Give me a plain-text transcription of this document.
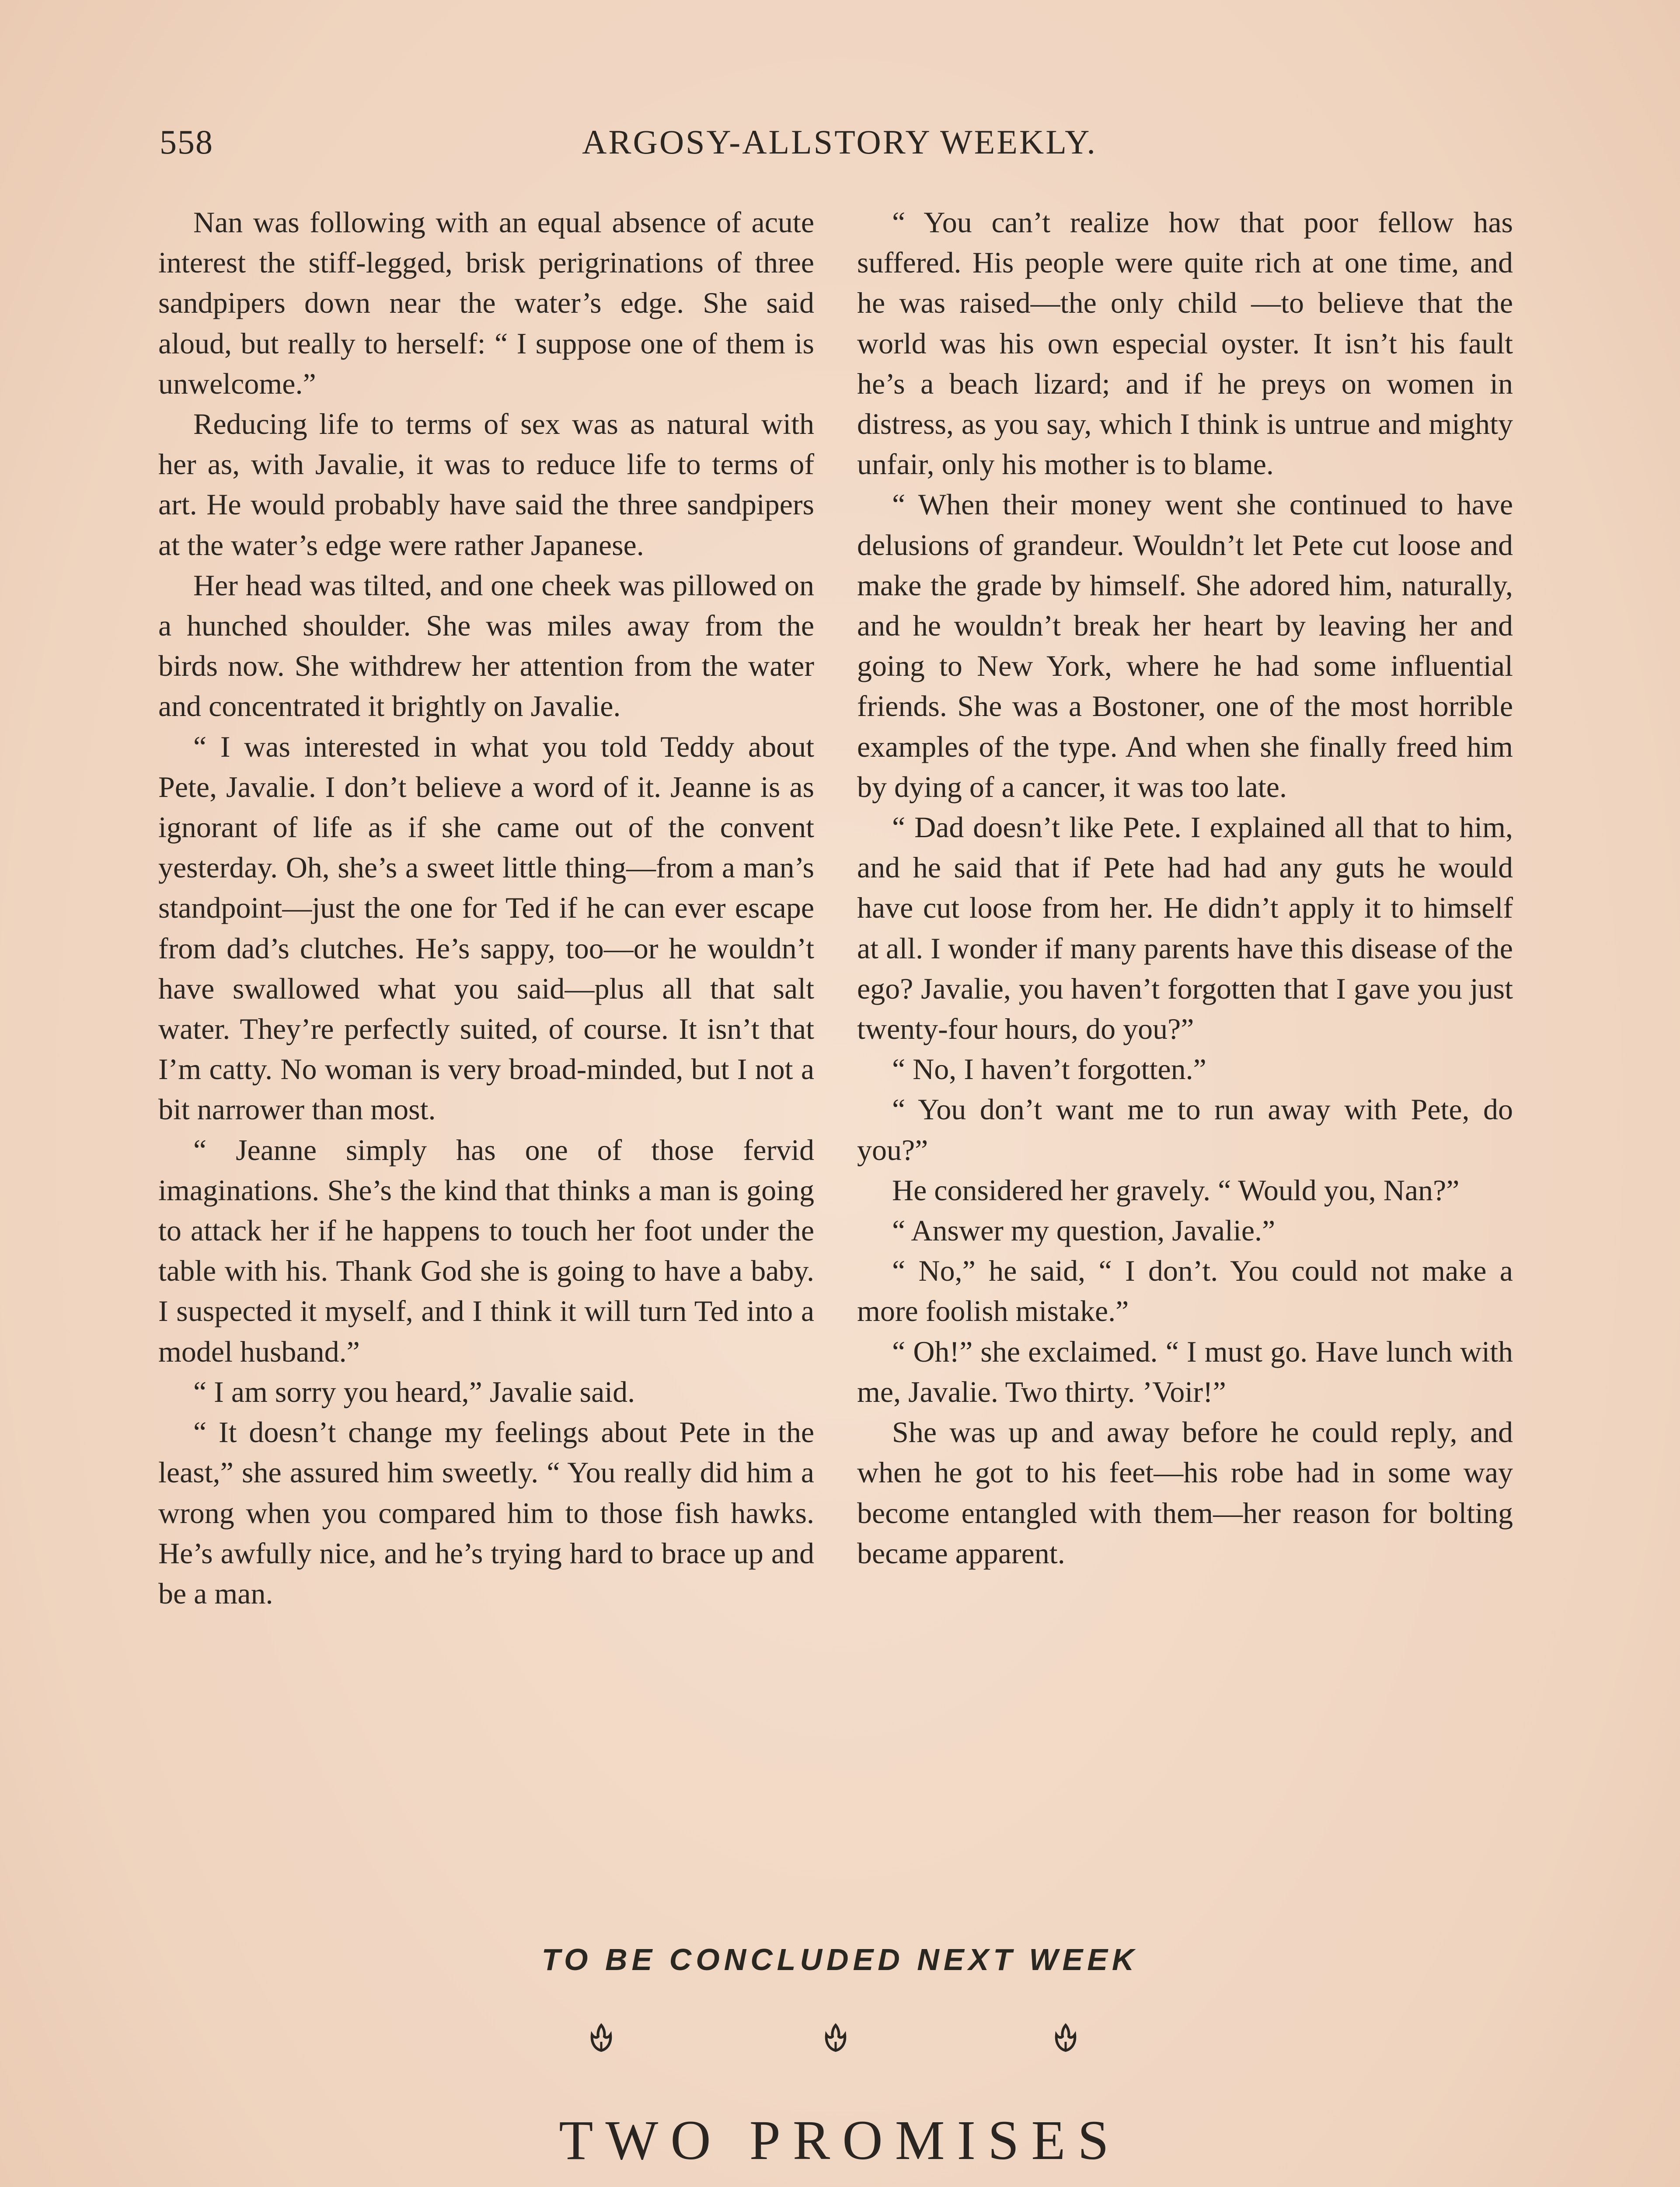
558	ARGOSY-ALLSTORY WEEKLY.

Nan was following with an equal absence of acute interest the stiff-legged, brisk perigrinations of three sandpipers down near the water’s edge. She said aloud, but really to herself: “ I suppose one of them is unwelcome.”

Reducing life to terms of sex was as natural with her as, with Javalie, it was to reduce life to terms of art. He would probably have said the three sandpipers at the water’s edge were rather Japanese.

Her head was tilted, and one cheek was pillowed on a hunched shoulder. She was miles away from the birds now. She withdrew her attention from the water and concentrated it brightly on Javalie.

“ I was interested in what you told Teddy about Pete, Javalie. I don’t believe a word of it. Jeanne is as ignorant of life as if she came out of the convent yesterday. Oh, she’s a sweet little thing—from a man’s standpoint—just the one for Ted if he can ever escape from dad’s clutches. He’s sappy, too—or he wouldn’t have swallowed what you said—plus all that salt water. They’re perfectly suited, of course. It isn’t that I’m catty. No woman is very broad-minded, but I not a bit narrower than most.

“ Jeanne simply has one of those fervid imaginations. She’s the kind that thinks a man is going to attack her if he happens to touch her foot under the table with his. Thank God she is going to have a baby. I suspected it myself, and I think it will turn Ted into a model husband.”

“ I am sorry you heard,” Javalie said.

“ It doesn’t change my feelings about Pete in the least,” she assured him sweetly. “ You really did him a wrong when you compared him to those fish hawks. He’s awfully nice, and he’s trying hard to brace up and be a man.

“ You can’t realize how that poor fellow has suffered. His people were quite rich at one time, and he was raised—the only child —to believe that the world was his own especial oyster. It isn’t his fault he’s a beach lizard; and if he preys on women in distress, as you say, which I think is untrue and mighty unfair, only his mother is to blame.

“ When their money went she continued to have delusions of grandeur. Wouldn’t let Pete cut loose and make the grade by himself. She adored him, naturally, and he wouldn’t break her heart by leaving her and going to New York, where he had some influential friends. She was a Bostoner, one of the most horrible examples of the type. And when she finally freed him by dying of a cancer, it was too late.

“ Dad doesn’t like Pete. I explained all that to him, and he said that if Pete had had any guts he would have cut loose from her. He didn’t apply it to himself at all. I wonder if many parents have this disease of the ego? Javalie, you haven’t forgotten that I gave you just twenty-four hours, do you?”

“ No, I haven’t forgotten.”

“ You don’t want me to run away with Pete, do you?”

He considered her gravely. “ Would you, Nan?”

“ Answer my question, Javalie.”

“ No,” he said, “ I don’t. You could not make a more foolish mistake.”

“ Oh!” she exclaimed. “ I must go. Have lunch with me, Javalie. Two thirty. ’Voir!”

She was up and away before he could reply, and when he got to his feet—his robe had in some way become entangled with them—her reason for bolting became apparent.

TO BE CONCLUDED NEXT WEEK
TWO PROMISES
